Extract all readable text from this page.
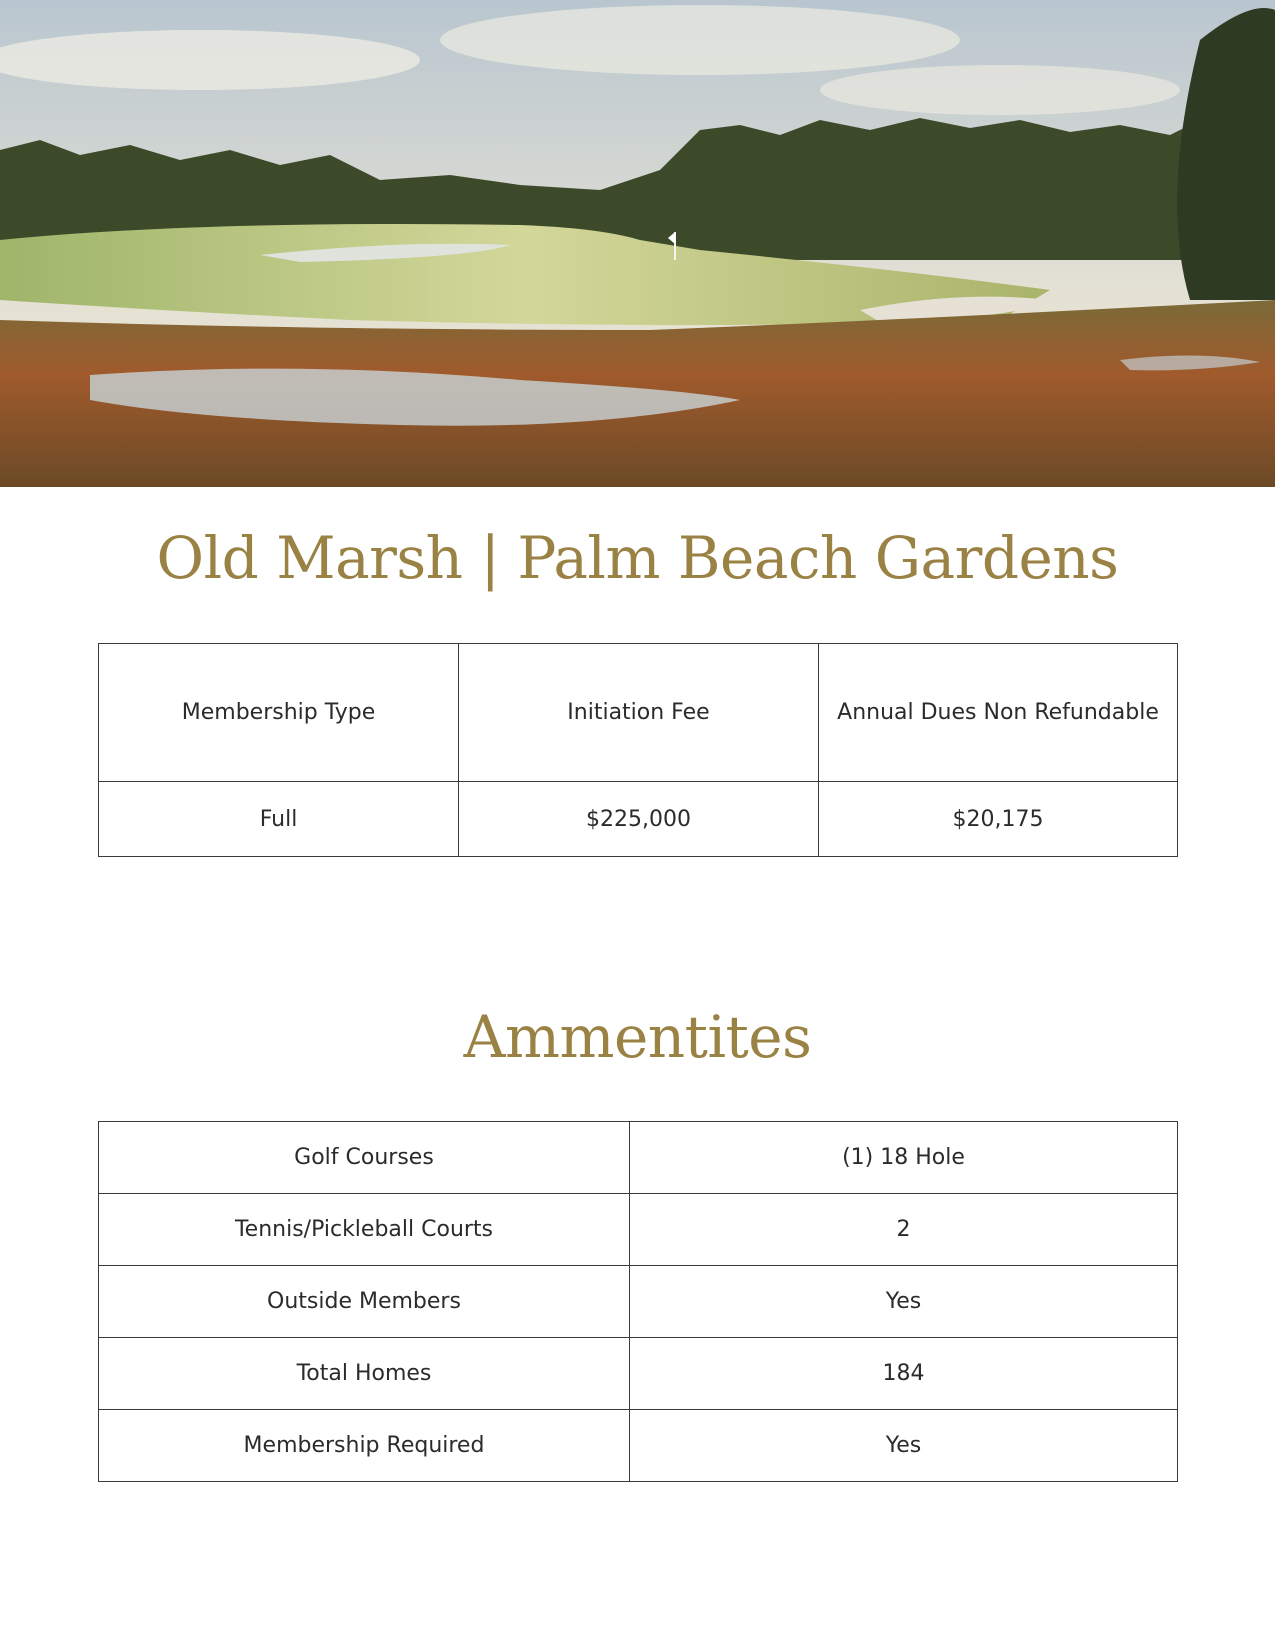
Old Marsh | Palm Beach Gardens
Membership Type	Initiation Fee	Annual Dues Non Refundable
Full	$225,000	$20,175
Ammentites
Golf Courses	(1) 18 Hole
Tennis/Pickleball Courts	2
Outside Members	Yes
Total Homes	184
Membership Required	Yes
